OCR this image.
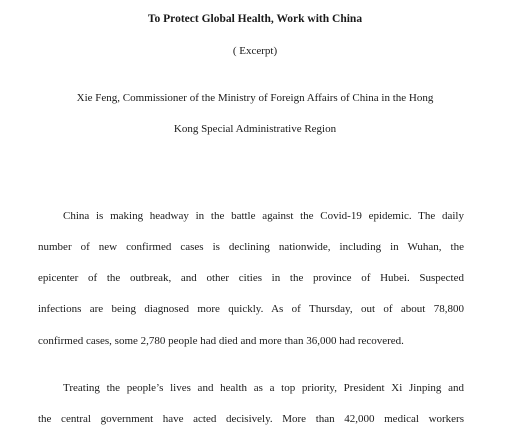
To Protect Global Health, Work with China
( Excerpt)
Xie Feng, Commissioner of the Ministry of Foreign Affairs of China in the Hong
Kong Special Administrative Region
China is making headway in the battle against the Covid-19 epidemic. The daily
number of new confirmed cases is declining nationwide, including in Wuhan, the
epicenter of the outbreak, and other cities in the province of Hubei. Suspected
infections are being diagnosed more quickly. As of Thursday, out of about 78,800
confirmed cases, some 2,780 people had died and more than 36,000 had recovered.
Treating the people’s lives and health as a top priority, President Xi Jinping and
the central government have acted decisively. More than 42,000 medical workers
